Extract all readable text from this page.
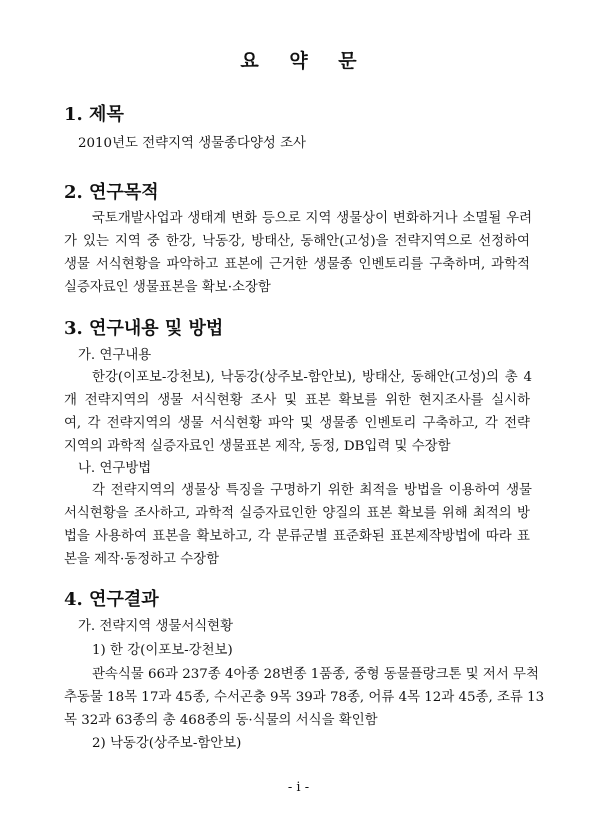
요 약 문
1. 제목
2010년도 전략지역 생물종다양성 조사
2. 연구목적
국토개발사업과 생태계 변화 등으로 지역 생물상이 변화하거나 소멸될 우려
가 있는 지역 중 한강, 낙동강, 방태산, 동해안(고성)을 전략지역으로 선정하여
생물 서식현황을 파악하고 표본에 근거한 생물종 인벤토리를 구축하며, 과학적
실증자료인 생물표본을 확보·소장함
3. 연구내용 및 방법
가. 연구내용
한강(이포보-강천보), 낙동강(상주보-함안보), 방태산, 동해안(고성)의 총 4
개 전략지역의 생물 서식현황 조사 및 표본 확보를 위한 현지조사를 실시하
여, 각 전략지역의 생물 서식현황 파악 및 생물종 인벤토리 구축하고, 각 전략
지역의 과학적 실증자료인 생물표본 제작, 동정, DB입력 및 수장함
나. 연구방법
각 전략지역의 생물상 특징을 구명하기 위한 최적을 방법을 이용하여 생물
서식현황을 조사하고, 과학적 실증자료인한 양질의 표본 확보를 위해 최적의 방
법을 사용하여 표본을 확보하고, 각 분류군별 표준화된 표본제작방법에 따라 표
본을 제작·동정하고 수장함
4. 연구결과
가. 전략지역 생물서식현황
1) 한 강(이포보-강천보)
관속식물 66과 237종 4아종 28변종 1품종, 중형 동물플랑크톤 및 저서 무척
추동물 18목 17과 45종, 수서곤충 9목 39과 78종, 어류 4목 12과 45종, 조류 13
목 32과 63종의 총 468종의 동·식물의 서식을 확인함
2) 낙동강(상주보-함안보)
- i -
